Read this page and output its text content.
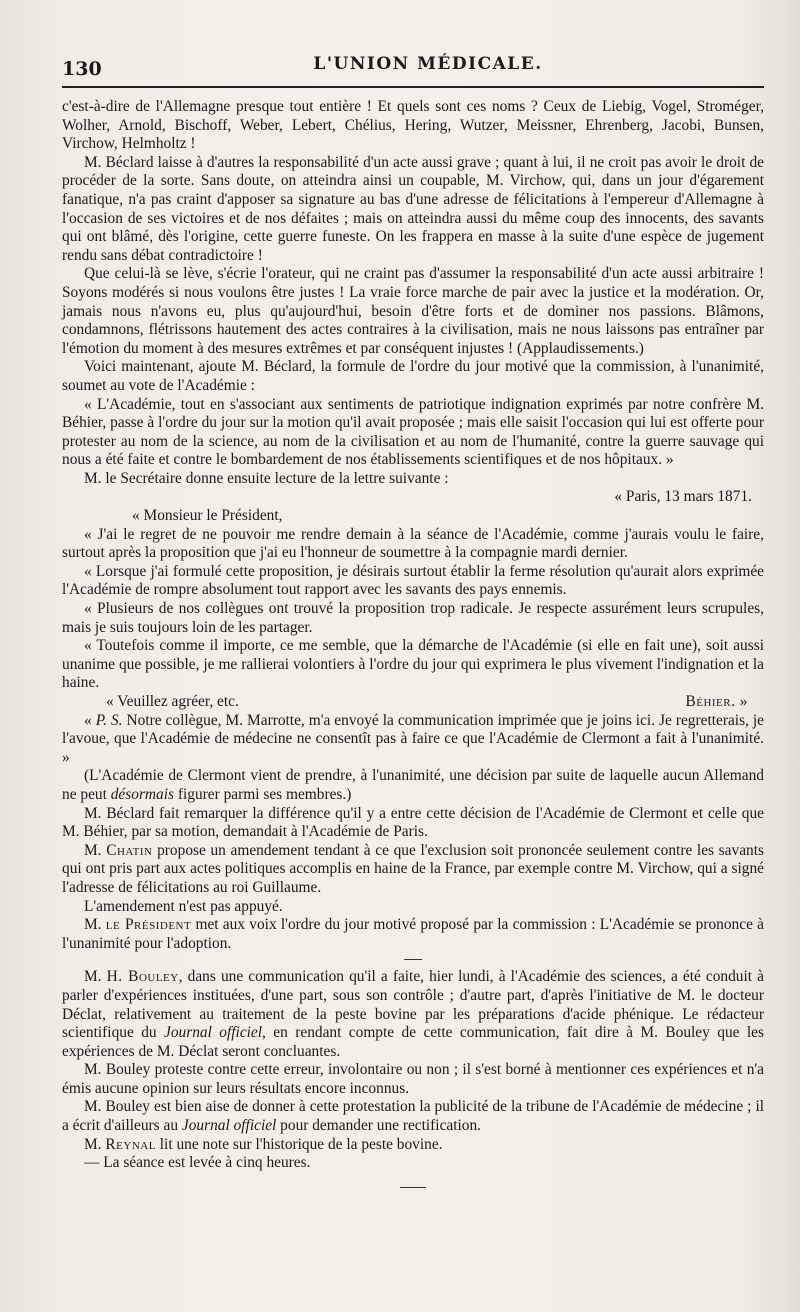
130	L'UNION MÉDICALE.

c'est-à-dire de l'Allemagne presque tout entière ! Et quels sont ces noms ? Ceux de Liebig, Vogel, Stroméger, Wolher, Arnold, Bischoff, Weber, Lebert, Chélius, Hering, Wutzer, Meissner, Ehrenberg, Jacobi, Bunsen, Virchow, Helmholtz !

M. Béclard laisse à d'autres la responsabilité d'un acte aussi grave ; quant à lui, il ne croit pas avoir le droit de procéder de la sorte. Sans doute, on atteindra ainsi un coupable, M. Virchow, qui, dans un jour d'égarement fanatique, n'a pas craint d'apposer sa signature au bas d'une adresse de félicitations à l'empereur d'Allemagne à l'occasion de ses victoires et de nos défaites ; mais on atteindra aussi du même coup des innocents, des savants qui ont blâmé, dès l'origine, cette guerre funeste. On les frappera en masse à la suite d'une espèce de jugement rendu sans débat contradictoire !

Que celui-là se lève, s'écrie l'orateur, qui ne craint pas d'assumer la responsabilité d'un acte aussi arbitraire ! Soyons modérés si nous voulons être justes ! La vraie force marche de pair avec la justice et la modération. Or, jamais nous n'avons eu, plus qu'aujourd'hui, besoin d'être forts et de dominer nos passions. Blâmons, condamnons, flétrissons hautement des actes contraires à la civilisation, mais ne nous laissons pas entraîner par l'émotion du moment à des mesures extrêmes et par conséquent injustes ! (Applaudissements.)

Voici maintenant, ajoute M. Béclard, la formule de l'ordre du jour motivé que la commission, à l'unanimité, soumet au vote de l'Académie :

« L'Académie, tout en s'associant aux sentiments de patriotique indignation exprimés par notre confrère M. Béhier, passe à l'ordre du jour sur la motion qu'il avait proposée ; mais elle saisit l'occasion qui lui est offerte pour protester au nom de la science, au nom de la civilisation et au nom de l'humanité, contre la guerre sauvage qui nous a été faite et contre le bombardement de nos établissements scientifiques et de nos hôpitaux. »

M. le Secrétaire donne ensuite lecture de la lettre suivante :

« Paris, 13 mars 1871.

« Monsieur le Président,

« J'ai le regret de ne pouvoir me rendre demain à la séance de l'Académie, comme j'aurais voulu le faire, surtout après la proposition que j'ai eu l'honneur de soumettre à la compagnie mardi dernier.

« Lorsque j'ai formulé cette proposition, je désirais surtout établir la ferme résolution qu'aurait alors exprimée l'Académie de rompre absolument tout rapport avec les savants des pays ennemis.

« Plusieurs de nos collègues ont trouvé la proposition trop radicale. Je respecte assurément leurs scrupules, mais je suis toujours loin de les partager.

« Toutefois comme il importe, ce me semble, que la démarche de l'Académie (si elle en fait une), soit aussi unanime que possible, je me rallierai volontiers à l'ordre du jour qui exprimera le plus vivement l'indignation et la haine.

« Veuillez agréer, etc.	Béhier. »

« P. S. Notre collègue, M. Marrotte, m'a envoyé la communication imprimée que je joins ici. Je regretterais, je l'avoue, que l'Académie de médecine ne consentît pas à faire ce que l'Académie de Clermont a fait à l'unanimité. »

(L'Académie de Clermont vient de prendre, à l'unanimité, une décision par suite de laquelle aucun Allemand ne peut désormais figurer parmi ses membres.)

M. Béclard fait remarquer la différence qu'il y a entre cette décision de l'Académie de Clermont et celle que M. Béhier, par sa motion, demandait à l'Académie de Paris.

M. Chatin propose un amendement tendant à ce que l'exclusion soit prononcée seulement contre les savants qui ont pris part aux actes politiques accomplis en haine de la France, par exemple contre M. Virchow, qui a signé l'adresse de félicitations au roi Guillaume.

L'amendement n'est pas appuyé.

M. le Président met aux voix l'ordre du jour motivé proposé par la commission : L'Académie se prononce à l'unanimité pour l'adoption.

M. H. Bouley, dans une communication qu'il a faite, hier lundi, à l'Académie des sciences, a été conduit à parler d'expériences instituées, d'une part, sous son contrôle ; d'autre part, d'après l'initiative de M. le docteur Déclat, relativement au traitement de la peste bovine par les préparations d'acide phénique. Le rédacteur scientifique du Journal officiel, en rendant compte de cette communication, fait dire à M. Bouley que les expériences de M. Déclat seront concluantes.

M. Bouley proteste contre cette erreur, involontaire ou non ; il s'est borné à mentionner ces expériences et n'a émis aucune opinion sur leurs résultats encore inconnus.

M. Bouley est bien aise de donner à cette protestation la publicité de la tribune de l'Académie de médecine ; il a écrit d'ailleurs au Journal officiel pour demander une rectification.

M. Reynal lit une note sur l'historique de la peste bovine.

— La séance est levée à cinq heures.
